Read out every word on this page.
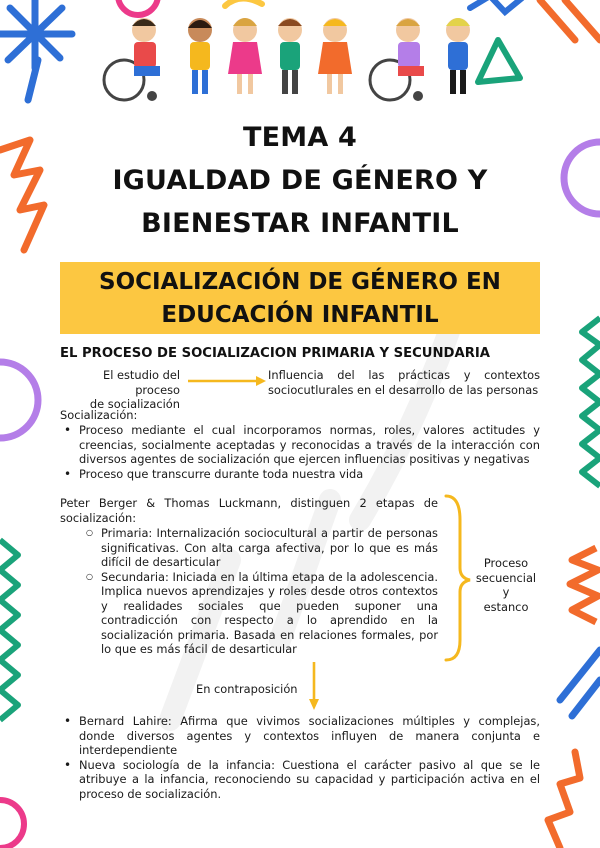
TEMA 4
IGUALDAD DE GÉNERO Y
BIENESTAR INFANTIL
SOCIALIZACIÓN DE GÉNERO EN
EDUCACIÓN INFANTIL
EL PROCESO DE SOCIALIZACION PRIMARIA Y SECUNDARIA
El estudio del proceso
de socialización
Influencia del las prácticas y contextos
sociocutlurales en el desarrollo de las personas
Socialización:
• Proceso mediante el cual incorporamos normas, roles, valores actitudes y creencias, socialmente aceptadas y reconocidas a través de la interacción con diversos agentes de socialización que ejercen influencias positivas y negativas
• Proceso que transcurre durante toda nuestra vida
Peter Berger & Thomas Luckmann, distinguen 2 etapas de
socialización:
○ Primaria: Internalización sociocultural a partir de personas significativas. Con alta carga afectiva, por lo que es más difícil de desarticular
○ Secundaria: Iniciada en la última etapa de la adolescencia. Implica nuevos aprendizajes y roles desde otros contextos y realidades sociales que pueden suponer una contradicción con respecto a lo aprendido en la socialización primaria. Basada en relaciones formales, por lo que es más fácil de desarticular
Proceso
secuencial y
estanco
En contraposición
• Bernard Lahire: Afirma que vivimos socializaciones múltiples y complejas, donde diversos agentes y contextos influyen de manera conjunta e interdependiente
• Nueva sociología de la infancia: Cuestiona el carácter pasivo al que se le atribuye a la infancia, reconociendo su capacidad y participación activa en el proceso de socialización.
